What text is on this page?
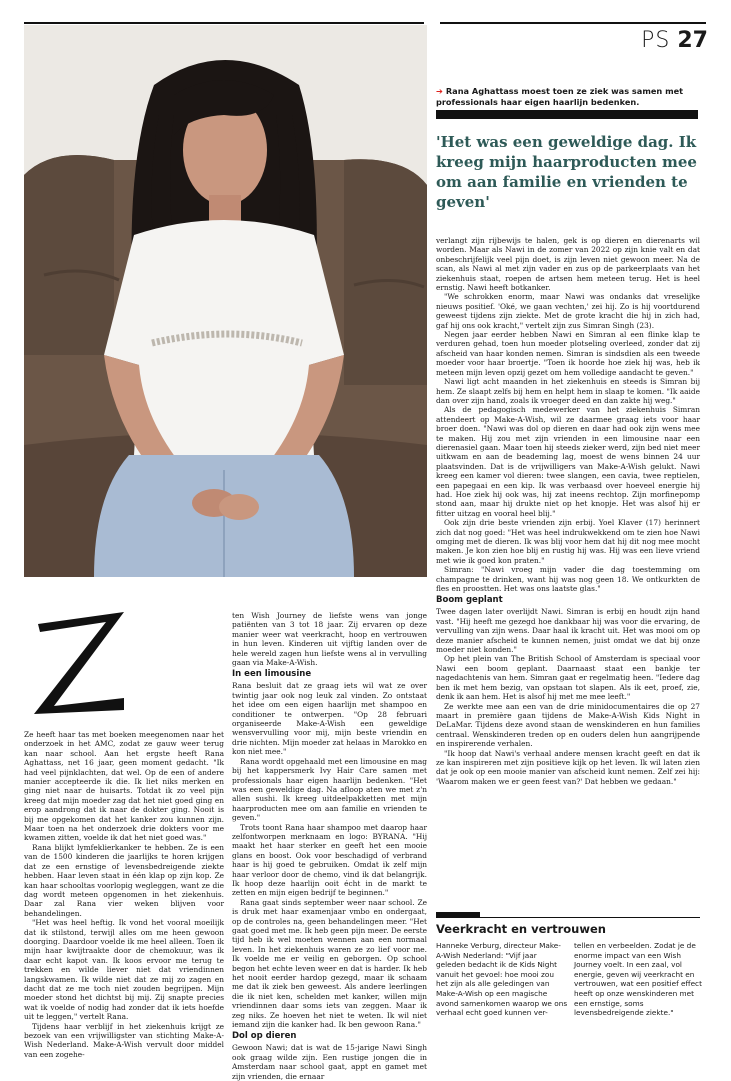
PS 27
➔ Rana Aghattass moest toen ze ziek was samen met professionals haar eigen haarlijn bedenken.
'Het was een geweldige dag. Ik kreeg mijn haarproducten mee om aan familie en vrienden te geven'

Ze heeft haar tas met boeken meegenomen naar het onderzoek in het AMC, zodat ze gauw weer terug kan naar school. Aan het ergste heeft Rana Aghattass, net 16 jaar, geen moment gedacht. "Ik had veel pijnklachten, dat wel. Op de een of andere manier accepteerde ik die. Ik liet niks merken en ging niet naar de huisarts. Totdat ik zo veel pijn kreeg dat mijn moeder zag dat het niet goed ging en erop aandrong dat ik naar de dokter ging. Nooit is bij me opgekomen dat het kanker zou kunnen zijn. Maar toen na het onderzoek drie dokters voor me kwamen zitten, voelde ik dat het niet goed was."

Rana blijkt lymfeklierkanker te hebben. Ze is een van de 1500 kinderen die jaarlijks te horen krijgen dat ze een ernstige of levensbedreigende ziekte hebben. Haar leven staat in één klap op zijn kop. Ze kan haar schooltas voorlopig wegleggen, want ze die dag wordt meteen opgenomen in het ziekenhuis. Daar zal Rana vier weken blijven voor behandelingen.

"Het was heel heftig. Ik vond het vooral moeilijk dat ik stilstond, terwijl alles om me heen gewoon doorging. Daardoor voelde ik me heel alleen. Toen ik mijn haar kwijtraakte door de chemokuur, was ik daar echt kapot van. Ik koos ervoor me terug te trekken en wilde liever niet dat vriendinnen langskwamen. Ik wilde niet dat ze mij zo zagen en dacht dat ze me toch niet zouden begrijpen. Mijn moeder stond het dichtst bij mij. Zij snapte precies wat ik voelde of nodig had zonder dat ik iets hoefde uit te leggen," vertelt Rana.

Tijdens haar verblijf in het ziekenhuis krijgt ze bezoek van een vrijwilligster van stichting Make-A-Wish Nederland. Make-A-Wish vervult door middel van een zogehe-

ten Wish Journey de liefste wens van jonge patiënten van 3 tot 18 jaar. Zij ervaren op deze manier weer wat veerkracht, hoop en vertrouwen in hun leven. Kinderen uit vijftig landen over de hele wereld zagen hun liefste wens al in vervulling gaan via Make-A-Wish.

In een limousine

Rana besluit dat ze graag iets wil wat ze over twintig jaar ook nog leuk zal vinden. Zo ontstaat het idee om een eigen haarlijn met shampoo en conditioner te ontwerpen. "Op 28 februari organiseerde Make-A-Wish een geweldige wensvervulling voor mij, mijn beste vriendin en drie nichten. Mijn moeder zat helaas in Marokko en kon niet mee."

Rana wordt opgehaald met een limousine en mag bij het kappersmerk Ivy Hair Care samen met professionals haar eigen haarlijn bedenken. "Het was een geweldige dag. Na afloop aten we met z'n allen sushi. Ik kreeg uitdeelpakketten met mijn haarproducten mee om aan familie en vrienden te geven."

Trots toont Rana haar shampoo met daarop haar zelfontworpen merknaam en logo: BYRANA. "Hij maakt het haar sterker en geeft het een mooie glans en boost. Ook voor beschadigd of verbrand haar is hij goed te gebruiken. Omdat ik zelf mijn haar verloor door de chemo, vind ik dat belangrijk. Ik hoop deze haarlijn ooit écht in de markt te zetten en mijn eigen bedrijf te beginnen."

Rana gaat sinds september weer naar school. Ze is druk met haar examenjaar vmbo en ondergaat, op de controles na, geen behandelingen meer. "Het gaat goed met me. Ik heb geen pijn meer. De eerste tijd heb ik wel moeten wennen aan een normaal leven. In het ziekenhuis waren ze zo lief voor me. Ik voelde me er veilig en geborgen. Op school begon het echte leven weer en dat is harder. Ik heb het nooit eerder hardop gezegd, maar ik schaam me dat ik ziek ben geweest. Als andere leerlingen die ik niet ken, schelden met kanker, willen mijn vriendinnen daar soms iets van zeggen. Maar ik zeg niks. Ze hoeven het niet te weten. Ik wil niet iemand zijn die kanker had. Ik ben gewoon Rana."

Dol op dieren

Gewoon Nawi; dat is wat de 15-jarige Nawi Singh ook graag wilde zijn. Een rustige jongen die in Amsterdam naar school gaat, appt en gamet met zijn vrienden, die ernaar

verlangt zijn rijbewijs te halen, gek is op dieren en dierenarts wil worden. Maar als Nawi in de zomer van 2022 op zijn knie valt en dat onbeschrijfelijk veel pijn doet, is zijn leven niet gewoon meer. Na de scan, als Nawi al met zijn vader en zus op de parkeerplaats van het ziekenhuis staat, roepen de artsen hem meteen terug. Het is heel ernstig. Nawi heeft botkanker.

"We schrokken enorm, maar Nawi was ondanks dat vreselijke nieuws positief. 'Oké, we gaan vechten,' zei hij. Zo is hij voortdurend geweest tijdens zijn ziekte. Met de grote kracht die hij in zich had, gaf hij ons ook kracht," vertelt zijn zus Simran Singh (23).

Negen jaar eerder hebben Nawi en Simran al een flinke klap te verduren gehad, toen hun moeder plotseling overleed, zonder dat zij afscheid van haar konden nemen. Simran is sindsdien als een tweede moeder voor haar broertje. "Toen ik hoorde hoe ziek hij was, heb ik meteen mijn leven opzij gezet om hem volledige aandacht te geven."

Nawi ligt acht maanden in het ziekenhuis en steeds is Simran bij hem. Ze slaapt zelfs bij hem en helpt hem in slaap te komen. "Ik aaide dan over zijn hand, zoals ik vroeger deed en dan zakte hij weg."

Als de pedagogisch medewerker van het ziekenhuis Simran attendeert op Make-A-Wish, wil ze daarmee graag iets voor haar broer doen. "Nawi was dol op dieren en daar had ook zijn wens mee te maken. Hij zou met zijn vrienden in een limousine naar een dierenasiel gaan. Maar toen hij steeds zieker werd, zijn bed niet meer uitkwam en aan de beademing lag, moest de wens binnen 24 uur plaatsvinden. Dat is de vrijwilligers van Make-A-Wish gelukt. Nawi kreeg een kamer vol dieren: twee slangen, een cavia, twee reptielen, een papegaai en een kip. Ik was verbaasd over hoeveel energie hij had. Hoe ziek hij ook was, hij zat ineens rechtop. Zijn morfinepomp stond aan, maar hij drukte niet op het knopje. Het was alsof hij er fitter uitzag en vooral heel blij."

Ook zijn drie beste vrienden zijn erbij. Yoel Klaver (17) herinnert zich dat nog goed: "Het was heel indrukwekkend om te zien hoe Nawi omging met de dieren. Ik was blij voor hem dat hij dit nog mee mocht maken. Je kon zien hoe blij en rustig hij was. Hij was een lieve vriend met wie ik goed kon praten."

Simran: "Nawi vroeg mijn vader die dag toestemming om champagne te drinken, want hij was nog geen 18. We ontkurkten de fles en proostten. Het was ons laatste glas."

Boom geplant

Twee dagen later overlijdt Nawi. Simran is erbij en houdt zijn hand vast. "Hij heeft me gezegd hoe dankbaar hij was voor die ervaring, de vervulling van zijn wens. Daar haal ik kracht uit. Het was mooi om op deze manier afscheid te kunnen nemen, juist omdat we dat bij onze moeder niet konden."

Op het plein van The British School of Amsterdam is speciaal voor Nawi een boom geplant. Daarnaast staat een bankje ter nagedachtenis van hem. Simran gaat er regelmatig heen. "Iedere dag ben ik met hem bezig, van opstaan tot slapen. Als ik eet, proef, zie, denk ik aan hem. Het is alsof hij met me mee leeft."

Ze werkte mee aan een van de drie minidocumentaires die op 27 maart in première gaan tijdens de Make-A-Wish Kids Night in DeLaMar. Tijdens deze avond staan de wenskinderen en hun families centraal. Wenskinderen treden op en ouders delen hun aangrijpende en inspirerende verhalen.

"Ik hoop dat Nawi's verhaal andere mensen kracht geeft en dat ik ze kan inspireren met zijn positieve kijk op het leven. Ik wil laten zien dat je ook op een mooie manier van afscheid kunt nemen. Zelf zei hij: 'Waarom maken we er geen feest van?' Dat hebben we gedaan."

Veerkracht en vertrouwen
Hanneke Verburg, directeur Make-A-Wish Nederland: "Vijf jaar geleden bedacht ik de Kids Night vanuit het gevoel: hoe mooi zou het zijn als alle geledingen van Make-A-Wish op een magische avond samenkomen waarop we ons verhaal echt goed kunnen ver-
tellen en verbeelden. Zodat je de enorme impact van een Wish Journey voelt. In een zaal, vol energie, geven wij veerkracht en vertrouwen, wat een positief effect heeft op onze wenskinderen met een ernstige, soms levensbedreigende ziekte."
